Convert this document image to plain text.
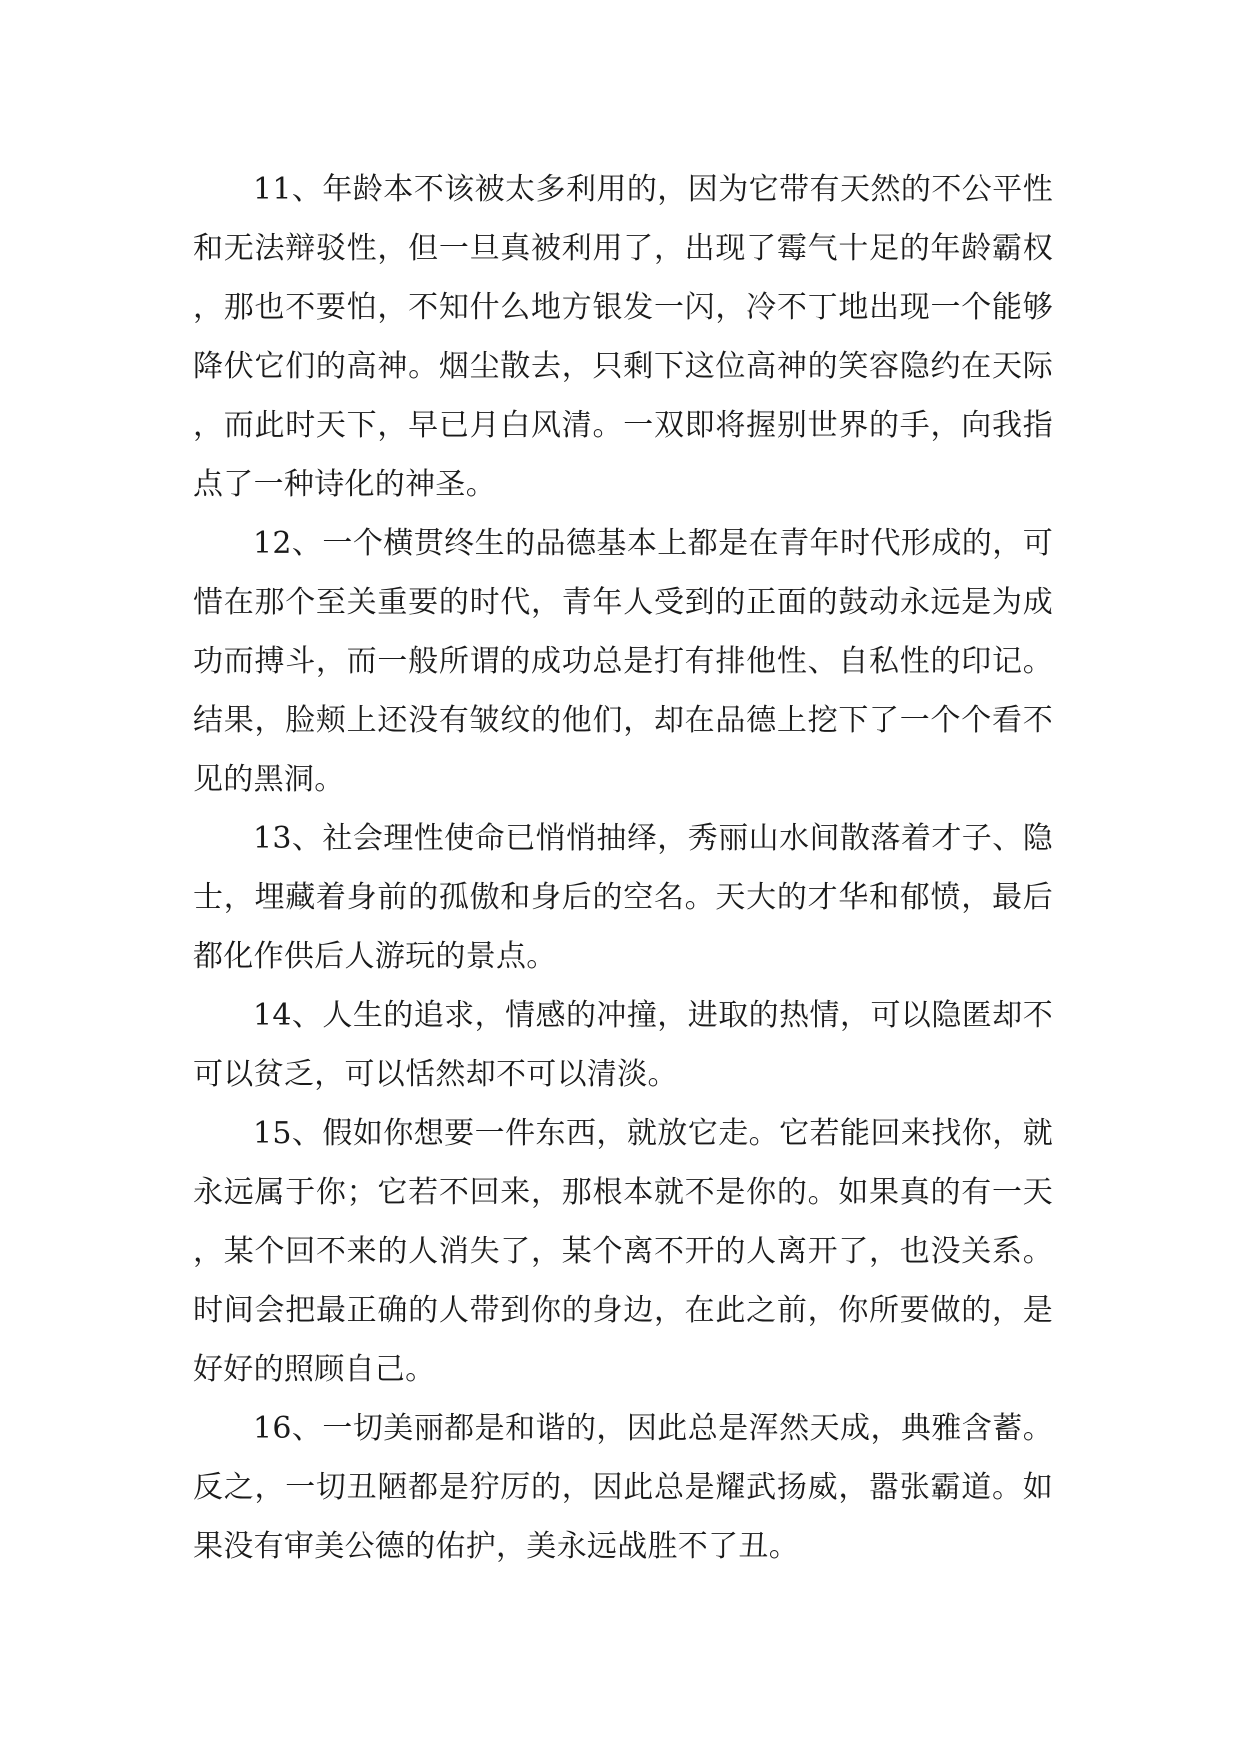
11、年龄本不该被太多利用的，因为它带有天然的不公平性和无法辩驳性，但一旦真被利用了，出现了霉气十足的年龄霸权，那也不要怕，不知什么地方银发一闪，冷不丁地出现一个能够降伏它们的高神。烟尘散去，只剩下这位高神的笑容隐约在天际，而此时天下，早已月白风清。一双即将握别世界的手，向我指点了一种诗化的神圣。

12、一个横贯终生的品德基本上都是在青年时代形成的，可惜在那个至关重要的时代，青年人受到的正面的鼓动永远是为成功而搏斗，而一般所谓的成功总是打有排他性、自私性的印记。结果，脸颊上还没有皱纹的他们，却在品德上挖下了一个个看不见的黑洞。

13、社会理性使命已悄悄抽绎，秀丽山水间散落着才子、隐士，埋藏着身前的孤傲和身后的空名。天大的才华和郁愤，最后都化作供后人游玩的景点。

14、人生的追求，情感的冲撞，进取的热情，可以隐匿却不可以贫乏，可以恬然却不可以清淡。

15、假如你想要一件东西，就放它走。它若能回来找你，就永远属于你；它若不回来，那根本就不是你的。如果真的有一天，某个回不来的人消失了，某个离不开的人离开了，也没关系。时间会把最正确的人带到你的身边，在此之前，你所要做的，是好好的照顾自己。

16、一切美丽都是和谐的，因此总是浑然天成，典雅含蓄。反之，一切丑陋都是狞厉的，因此总是耀武扬威，嚣张霸道。如果没有审美公德的佑护，美永远战胜不了丑。
